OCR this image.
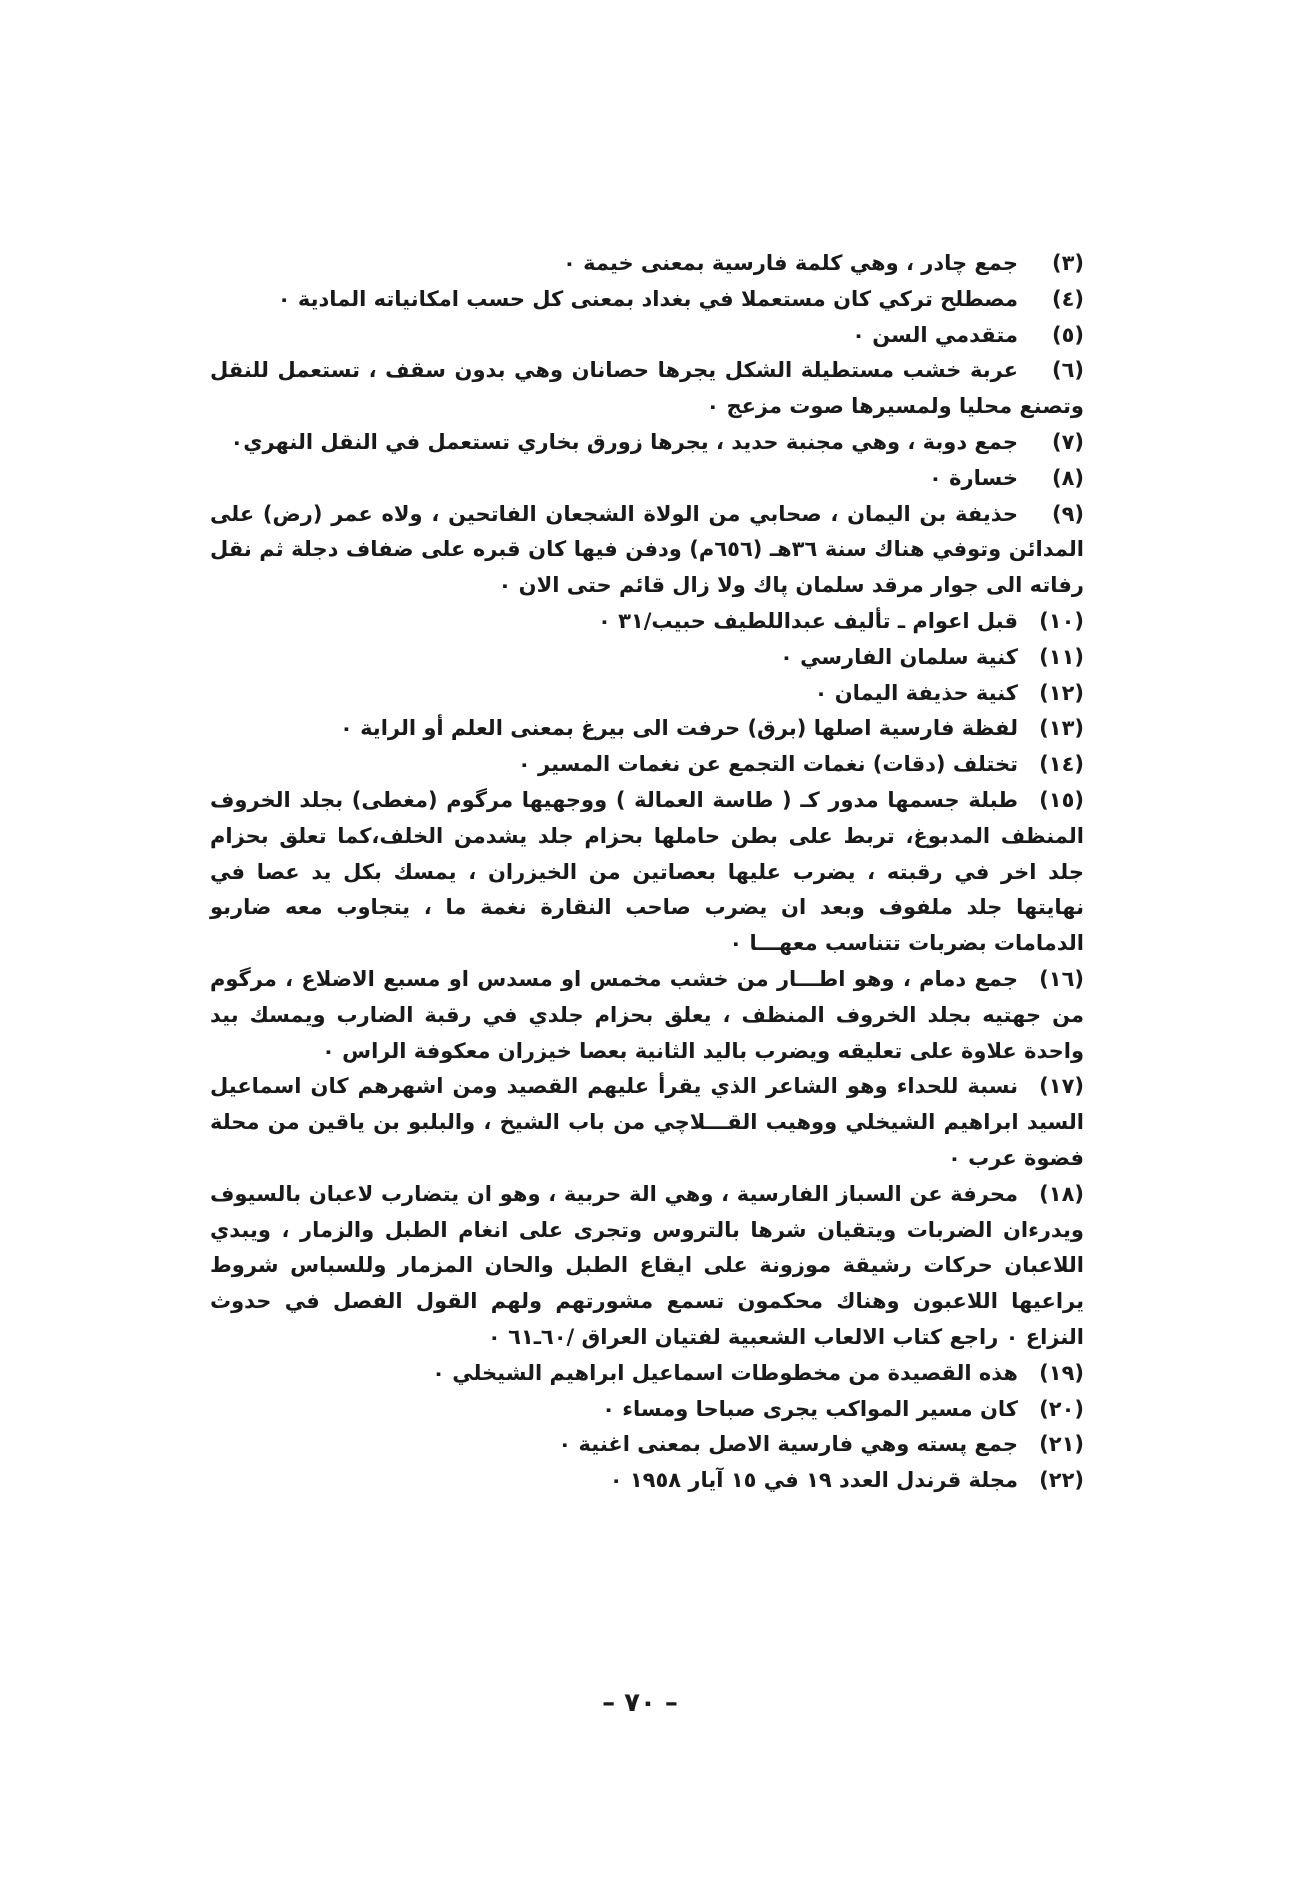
(٣)جمع چادر ، وهي كلمة فارسية بمعنى خيمة ٠

(٤)مصطلح تركي كان مستعملا في بغداد بمعنى كل حسب امكانياته المادية ٠

(٥)متقدمي السن ٠

(٦)عربة خشب مستطيلة الشكل يجرها حصانان وهي بدون سقف ، تستعمل للنقل وتصنع محليا ولمسيرها صوت مزعج ٠

(٧)جمع دوبة ، وهي مجنبة حديد ، يجرها زورق بخاري تستعمل في النقل النهري٠

(٨)خسارة ٠

(٩)حذيفة بن اليمان ، صحابي من الولاة الشجعان الفاتحين ، ولاه عمر (رض) على المدائن وتوفي هناك سنة ٣٦هـ (٦٥٦م) ودفن فيها كان قبره على ضفاف دجلة ثم نقل رفاته الى جوار مرقد سلمان پاك ولا زال قائم حتى الان ٠

(١٠)قبل اعوام ـ تأليف عبداللطيف حبيب/٣١ ٠

(١١)كنية سلمان الفارسي ٠

(١٢)كنية حذيفة اليمان ٠

(١٣)لفظة فارسية اصلها (برق) حرفت الى بيرغ بمعنى العلم أو الراية ٠

(١٤)تختلف (دقات) نغمات التجمع عن نغمات المسير ٠

(١٥)طبلة جسمها مدور كـ ( طاسة العمالة ) ووجهيها مرگوم (مغطى) بجلد الخروف المنظف المدبوغ، تربط على بطن حاملها بحزام جلد يشدمن الخلف،كما تعلق بحزام جلد اخر في رقبته ، يضرب عليها بعصاتين من الخيزران ، يمسك بكل يد عصا في نهايتها جلد ملفوف وبعد ان يضرب صاحب النقارة نغمة ما ، يتجاوب معه ضاربو الدمامات بضربات تتناسب معهـــا ٠

(١٦)جمع دمام ، وهو اطـــار من خشب مخمس او مسدس او مسبع الاضلاع ، مرگوم من جهتيه بجلد الخروف المنظف ، يعلق بحزام جلدي في رقبة الضارب ويمسك بيد واحدة علاوة على تعليقه ويضرب باليد الثانية بعصا خيزران معكوفة الراس ٠

(١٧)نسبة للحداء وهو الشاعر الذي يقرأ عليهم القصيد ومن اشهرهم كان اسماعيل السيد ابراهيم الشيخلي ووهيب القـــلاچي من باب الشيخ ، والبلبو بن ياقين من محلة فضوة عرب ٠

(١٨)محرفة عن السباز الفارسية ، وهي الة حربية ، وهو ان يتضارب لاعبان بالسيوف ويدرءان الضربات ويتقيان شرها بالتروس وتجرى على انغام الطبل والزمار ، ويبدي اللاعبان حركات رشيقة موزونة على ايقاع الطبل والحان المزمار وللسباس شروط يراعيها اللاعبون وهناك محكمون تسمع مشورتهم ولهم القول الفصل في حدوث النزاع ٠ راجع كتاب الالعاب الشعبية لفتيان العراق /٦٠ـ٦١ ٠

(١٩)هذه القصيدة من مخطوطات اسماعيل ابراهيم الشيخلي ٠

(٢٠)كان مسير المواكب يجرى صباحا ومساء ٠

(٢١)جمع پسته وهي فارسية الاصل بمعنى اغنية ٠

(٢٢)مجلة قرندل العدد ١٩ في ١٥ آيار ١٩٥٨ ٠

– ٧٠ –
